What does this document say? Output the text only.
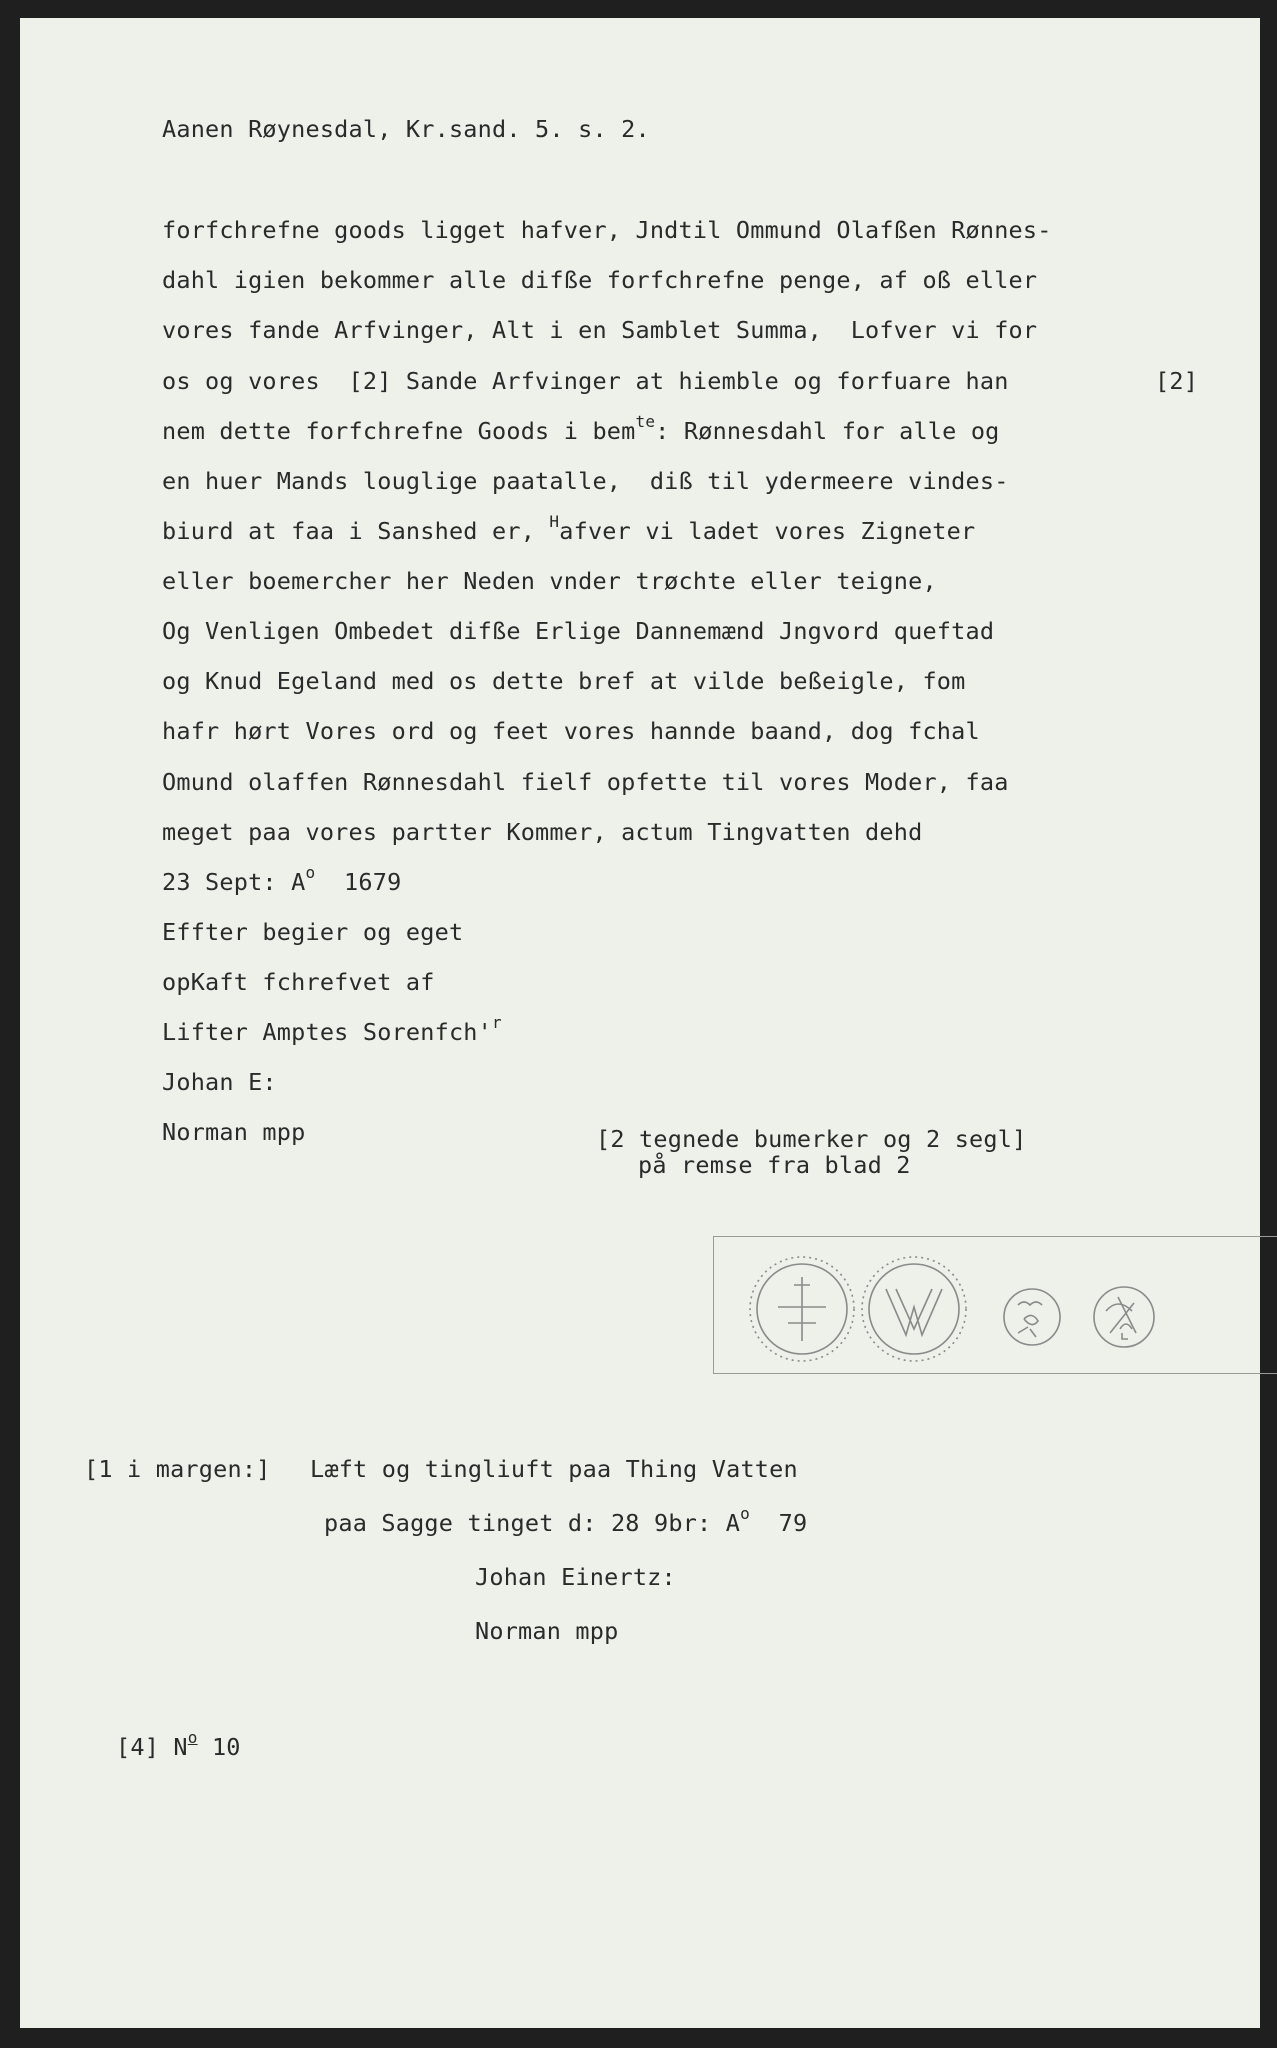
Aanen Røynesdal, Kr.sand. 5. s. 2.
forfchrefne goods ligget hafver, Jndtil Ommund Olafßen Rønnes-
dahl igien bekommer alle difße forfchrefne penge, af oß eller
vores fande Arfvinger, Alt i en Samblet Summa,  Lofver vi for
os og vores  [2] Sande Arfvinger at hiemble og forfuare han	[2]
nem dette forfchrefne Goods i bem$^{te}$: Rønnesdahl for alle og
en huer Mands louglige paatalle,  diß til ydermeere vindes-
biurd at faa i Sanshed er, $^H$afver vi ladet vores Zigneter
eller boemercher her Neden vnder trøchte eller teigne,
Og Venligen Ombedet difße Erlige Dannemænd Jngvord queftad
og Knud Egeland med os dette bref at vilde beßeigle, fom
hafr hørt Vores ord og feet vores hannde baand, dog fchal
Omund olaffen Rønnesdahl fielf opfette til vores Moder, faa
meget paa vores partter Kommer, actum Tingvatten dehd
23 Sept: $A^o$  1679
Effter begier og eget
opKaft fchrefvet af
Lifter Amptes $Sorenfch'^r$
Johan E:
Norman mpp	[2 tegnede bumerker og 2 segl]
på remse fra blad 2
[1 i margen:] Læft og tingliuft paa Thing Vatten
paa Sagge tinget d: 28 9br: $A^o$  79
Johan Einertz:
Norman mpp
[4] $N^o$ 10
